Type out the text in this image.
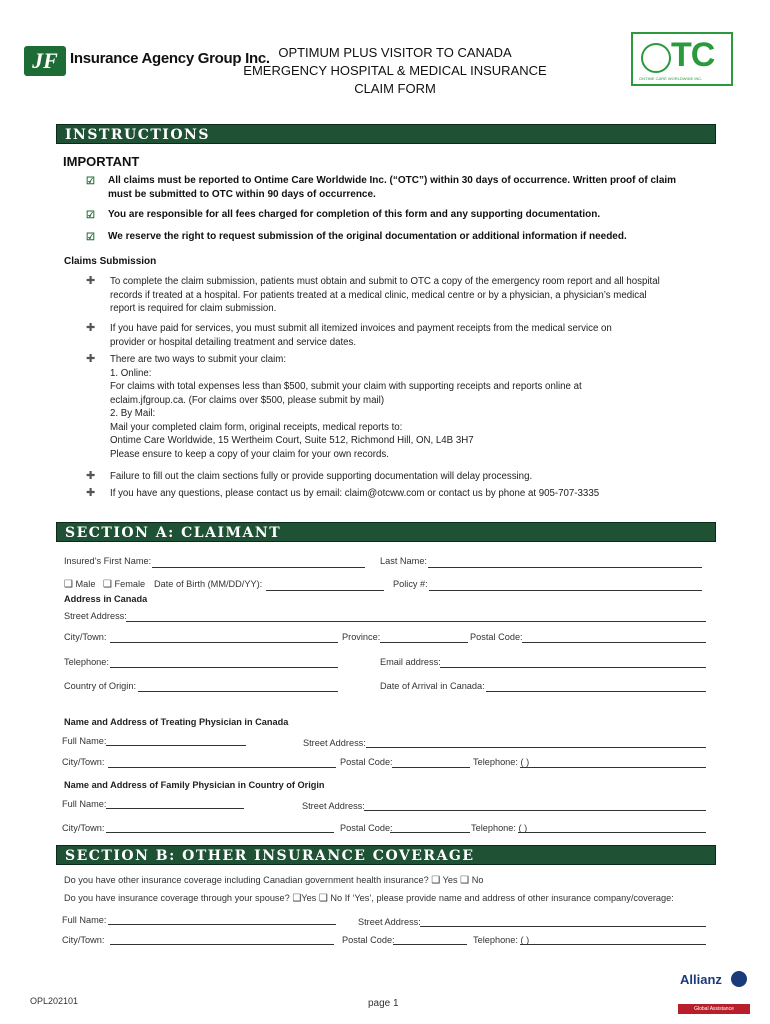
JF Insurance Agency Group Inc. OPTIMUM PLUS VISITOR TO CANADA
EMERGENCY HOSPITAL & MEDICAL INSURANCE
CLAIM FORM
TC
ONTIME CARE WORLDWIDE INC.
INSTRUCTIONS
IMPORTANT
☑ All claims must be reported to Ontime Care Worldwide Inc. (“OTC”) within 30 days of occurrence. Written proof of claim must be submitted to OTC within 90 days of occurrence.
☑ You are responsible for all fees charged for completion of this form and any supporting documentation.
☑ We reserve the right to request submission of the original documentation or additional information if needed.
Claims Submission
✚ To complete the claim submission, patients must obtain and submit to OTC a copy of the emergency room report and all hospital
records if treated at a hospital. For patients treated at a medical clinic, medical centre or by a physician, a physician’s medical
report is required for claim submission.
✚ If you have paid for services, you must submit all itemized invoices and payment receipts from the medical service on
provider or hospital detailing treatment and service dates.
✚ There are two ways to submit your claim:
1. Online:
For claims with total expenses less than $500, submit your claim with supporting receipts and reports online at
eclaim.jfgroup.ca. (For claims over $500, please submit by mail)
2. By Mail:
Mail your completed claim form, original receipts, medical reports to:
Ontime Care Worldwide, 15 Wertheim Court, Suite 512, Richmond Hill, ON, L4B 3H7
Please ensure to keep a copy of your claim for your own records.
✚ Failure to fill out the claim sections fully or provide supporting documentation will delay processing.
✚ If you have any questions, please contact us by email: claim@otcww.com or contact us by phone at 905-707-3335
SECTION A: CLAIMANT
Insured’s First Name:	Last Name:
❑ Male ❑ Female Date of Birth (MM/DD/YY):	Policy #:
Address in Canada
Street Address:
City/Town:	Province:	Postal Code:
Telephone:	Email address:
Country of Origin:	Date of Arrival in Canada:
Name and Address of Treating Physician in Canada
Full Name:	Street Address:
City/Town:	Postal Code:	Telephone: ( )
Name and Address of Family Physician in Country of Origin
Full Name:	Street Address:
City/Town:	Postal Code:	Telephone: ( )
SECTION B: OTHER INSURANCE COVERAGE
Do you have other insurance coverage including Canadian government health insurance? ❑ Yes ❑ No
Do you have insurance coverage through your spouse? ❑Yes ❑ No If ‘Yes’, please provide name and address of other insurance company/coverage:
Full Name:	Street Address:
City/Town:	Postal Code:	Telephone: ( )
OPL202101	page 1
Allianz
Global Assistance
